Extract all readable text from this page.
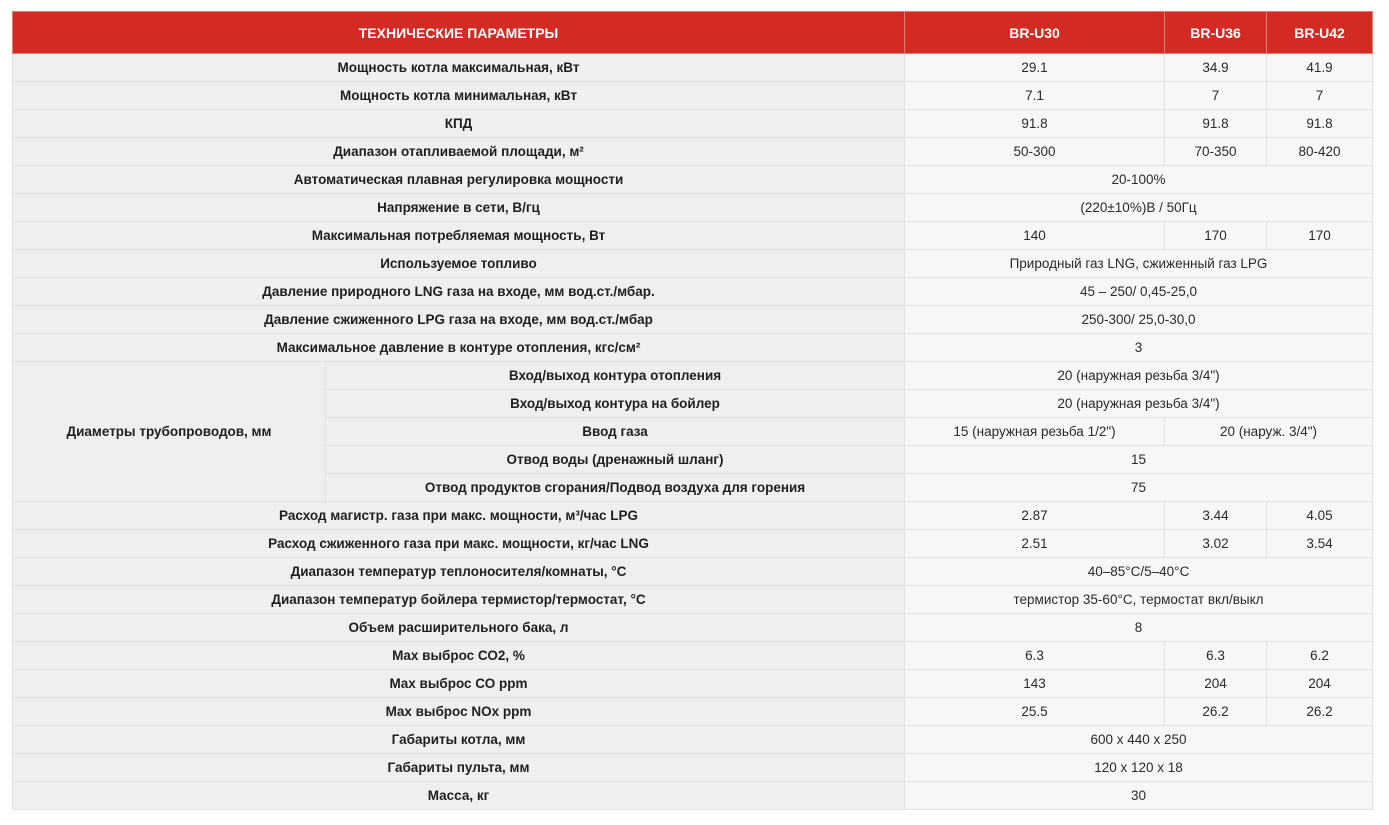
ТЕХНИЧЕСКИЕ ПАРАМЕТРЫ		BR-U30	BR-U36	BR-U42
Мощность котла максимальная, кВт		29.1	34.9	41.9
Мощность котла минимальная, кВт		7.1	7	7
КПД		91.8	91.8	91.8
Диапазон отапливаемой площади, м²		50-300	70-350	80-420
Автоматическая плавная регулировка мощности		20-100%		
Напряжение в сети, В/гц		(220±10%)В / 50Гц		
Максимальная потребляемая мощность, Вт		140	170	170
Используемое топливо		Природный газ LNG, сжиженный газ LPG		
Давление природного LNG газа на входе, мм вод.ст./мбар.		45 – 250/ 0,45-25,0		
Давление сжиженного LPG газа на входе, мм вод.ст./мбар		250-300/ 25,0-30,0		
Максимальное давление в контуре отопления, кгс/см²		3		
Диаметры трубопроводов, мм	Вход/выход контура отопления	20 (наружная резьба 3/4")		
	Вход/выход контура на бойлер	20 (наружная резьба 3/4")		
	Ввод газа	15 (наружная резьба 1/2")	20 (наруж. 3/4")	
	Отвод воды (дренажный шланг)	15		
	Отвод продуктов сгорания/Подвод воздуха для горения	75		
Расход магистр. газа при макс. мощности, м³/час LPG		2.87	3.44	4.05
Расход сжиженного газа при макс. мощности, кг/час LNG		2.51	3.02	3.54
Диапазон температур теплоносителя/комнаты, °С		40–85°С/5–40°С		
Диапазон температур бойлера термистор/термостат, °С		термистор 35-60°С, термостат вкл/выкл		
Объем расширительного бака, л		8		
Max выброс СО2, %		6.3	6.3	6.2
Max выброс СО ppm		143	204	204
Max выброс NOx ppm		25.5	26.2	26.2
Габариты котла, мм		600 х 440 х 250		
Габариты пульта, мм		120 х 120 х 18		
Масса, кг		30		
